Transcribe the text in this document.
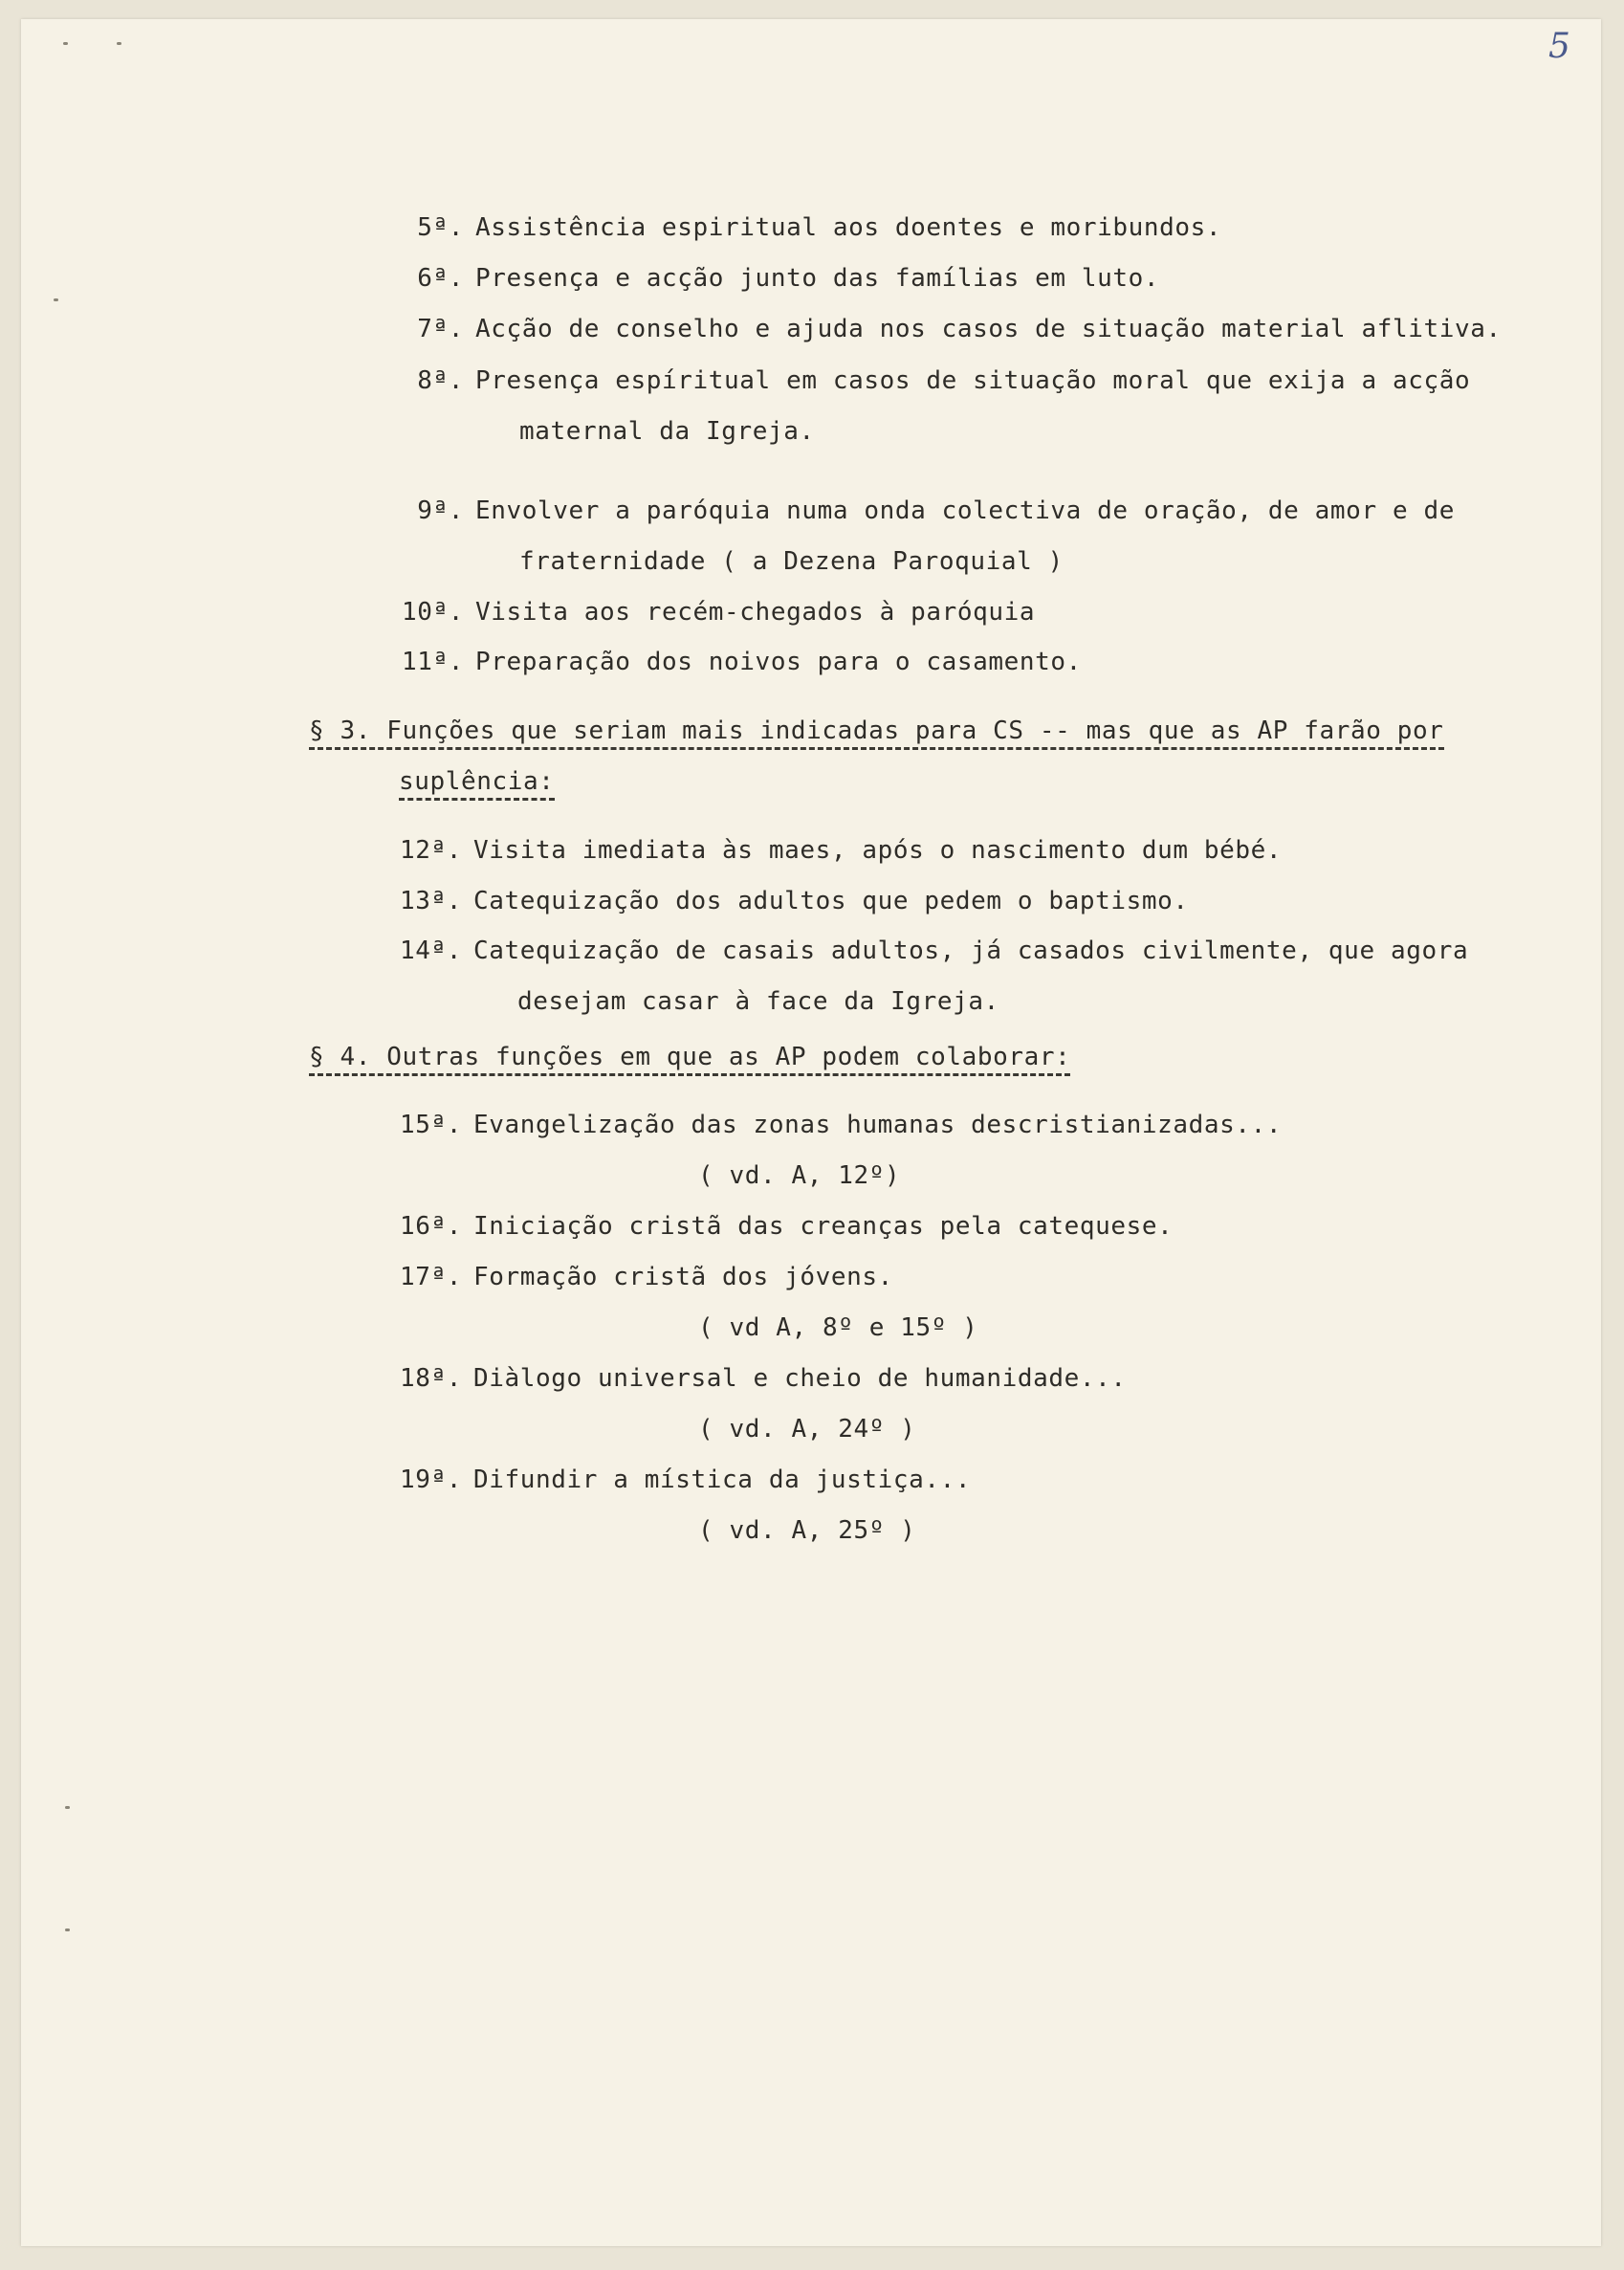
5
5ª. Assistência espiritual aos doentes e moribundos.
6ª. Presença e acção junto das famílias em luto.
7ª. Acção de conselho e ajuda nos casos de situação material aflitiva.
8ª. Presença espíritual em casos de situação moral que exija a acção
maternal da Igreja.
9ª. Envolver a paróquia numa onda colectiva de oração, de amor e de
fraternidade ( a Dezena Paroquial )
10ª. Visita aos recém-chegados à paróquia
11ª. Preparação dos noivos para o casamento.
§ 3. Funções que seriam mais indicadas para CS -- mas que as AP farão por
suplência:
12ª. Visita imediata às maes, após o nascimento dum bébé.
13ª. Catequização dos adultos que pedem o baptismo.
14ª. Catequização de casais adultos, já casados civilmente, que agora
desejam casar à face da Igreja.
§ 4. Outras funções em que as AP podem colaborar:
15ª. Evangelização das zonas humanas descristianizadas...
( vd. A, 12º)
16ª. Iniciação cristã das creanças pela catequese.
17ª. Formação cristã dos jóvens.
( vd A, 8º e 15º )
18ª. Diàlogo universal e cheio de humanidade...
( vd. A, 24º )
19ª. Difundir a mística da justiça...
( vd. A, 25º )
